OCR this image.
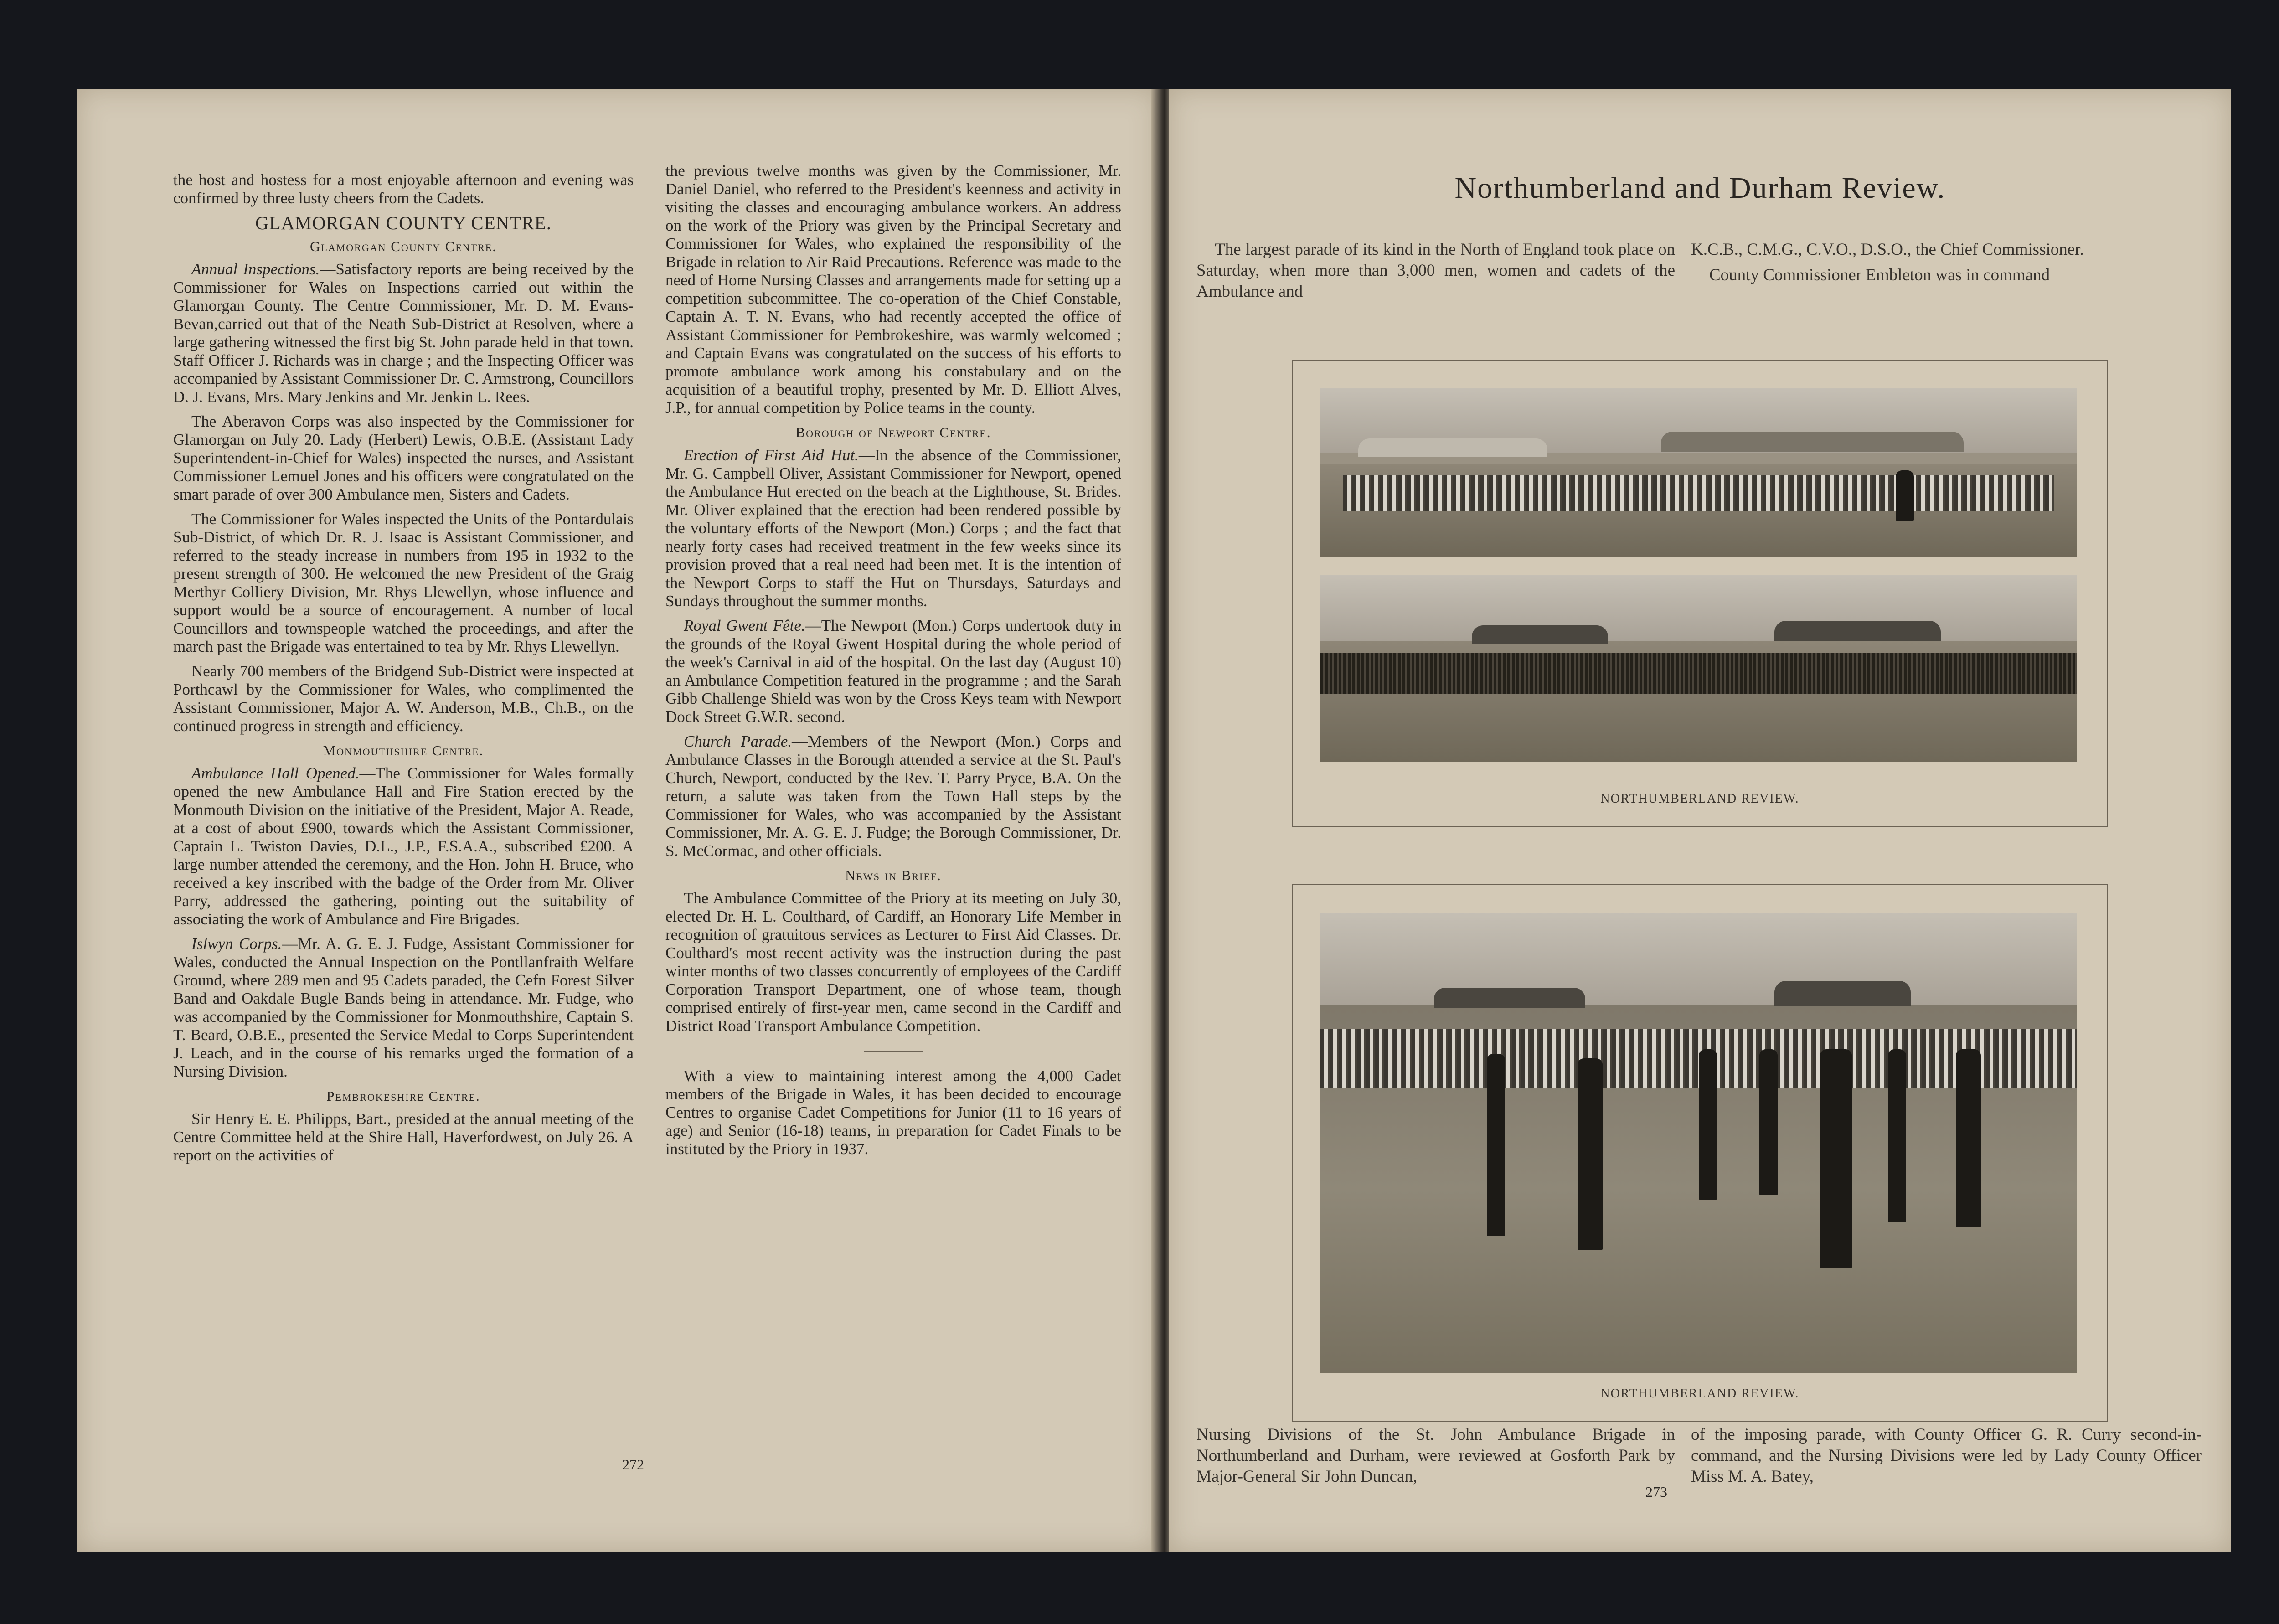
the host and hostess for a most enjoyable afternoon and evening was confirmed by three lusty cheers from the Cadets.

GLAMORGAN COUNTY CENTRE.
Glamorgan County Centre.

Annual Inspections.—Satisfactory reports are being received by the Commissioner for Wales on Inspections carried out within the Glamorgan County. The Centre Commissioner, Mr. D. M. Evans-Bevan,carried out that of the Neath Sub-District at Resolven, where a large gathering witnessed the first big St. John parade held in that town. Staff Officer J. Richards was in charge ; and the Inspecting Officer was accompanied by Assistant Commissioner Dr. C. Armstrong, Councillors D. J. Evans, Mrs. Mary Jenkins and Mr. Jenkin L. Rees.

The Aberavon Corps was also inspected by the Commissioner for Glamorgan on July 20. Lady (Herbert) Lewis, O.B.E. (Assistant Lady Superintendent-in-Chief for Wales) inspected the nurses, and Assistant Commissioner Lemuel Jones and his officers were congratulated on the smart parade of over 300 Ambulance men, Sisters and Cadets.

The Commissioner for Wales inspected the Units of the Pontardulais Sub-District, of which Dr. R. J. Isaac is Assistant Commissioner, and referred to the steady increase in numbers from 195 in 1932 to the present strength of 300. He welcomed the new President of the Graig Merthyr Colliery Division, Mr. Rhys Llewellyn, whose influence and support would be a source of encouragement. A number of local Councillors and townspeople watched the proceedings, and after the march past the Brigade was entertained to tea by Mr. Rhys Llewellyn.

Nearly 700 members of the Bridgend Sub-District were inspected at Porthcawl by the Commissioner for Wales, who complimented the Assistant Commissioner, Major A. W. Anderson, M.B., Ch.B., on the continued progress in strength and efficiency.

Monmouthshire Centre.

Ambulance Hall Opened.—The Commissioner for Wales formally opened the new Ambulance Hall and Fire Station erected by the Monmouth Division on the initiative of the President, Major A. Reade, at a cost of about £900, towards which the Assistant Commissioner, Captain L. Twiston Davies, D.L., J.P., F.S.A.A., subscribed £200. A large number attended the ceremony, and the Hon. John H. Bruce, who received a key inscribed with the badge of the Order from Mr. Oliver Parry, addressed the gathering, pointing out the suitability of associating the work of Ambulance and Fire Brigades.

Islwyn Corps.—Mr. A. G. E. J. Fudge, Assistant Commissioner for Wales, conducted the Annual Inspection on the Pontllanfraith Welfare Ground, where 289 men and 95 Cadets paraded, the Cefn Forest Silver Band and Oakdale Bugle Bands being in attendance. Mr. Fudge, who was accompanied by the Commissioner for Monmouthshire, Captain S. T. Beard, O.B.E., presented the Service Medal to Corps Superintendent J. Leach, and in the course of his remarks urged the formation of a Nursing Division.

Pembrokeshire Centre.

Sir Henry E. E. Philipps, Bart., presided at the annual meeting of the Centre Committee held at the Shire Hall, Haverfordwest, on July 26. A report on the activities of

the previous twelve months was given by the Commissioner, Mr. Daniel Daniel, who referred to the President's keenness and activity in visiting the classes and encouraging ambulance workers. An address on the work of the Priory was given by the Principal Secretary and Commissioner for Wales, who explained the responsibility of the Brigade in relation to Air Raid Precautions. Reference was made to the need of Home Nursing Classes and arrangements made for setting up a competition subcommittee. The co-operation of the Chief Constable, Captain A. T. N. Evans, who had recently accepted the office of Assistant Commissioner for Pembrokeshire, was warmly welcomed ; and Captain Evans was congratulated on the success of his efforts to promote ambulance work among his constabulary and on the acquisition of a beautiful trophy, presented by Mr. D. Elliott Alves, J.P., for annual competition by Police teams in the county.

Borough of Newport Centre.

Erection of First Aid Hut.—In the absence of the Commissioner, Mr. G. Campbell Oliver, Assistant Commissioner for Newport, opened the Ambulance Hut erected on the beach at the Lighthouse, St. Brides. Mr. Oliver explained that the erection had been rendered possible by the voluntary efforts of the Newport (Mon.) Corps ; and the fact that nearly forty cases had received treatment in the few weeks since its provision proved that a real need had been met. It is the intention of the Newport Corps to staff the Hut on Thursdays, Saturdays and Sundays throughout the summer months.

Royal Gwent Fête.—The Newport (Mon.) Corps undertook duty in the grounds of the Royal Gwent Hospital during the whole period of the week's Carnival in aid of the hospital. On the last day (August 10) an Ambulance Competition featured in the programme ; and the Sarah Gibb Challenge Shield was won by the Cross Keys team with Newport Dock Street G.W.R. second.

Church Parade.—Members of the Newport (Mon.) Corps and Ambulance Classes in the Borough attended a service at the St. Paul's Church, Newport, conducted by the Rev. T. Parry Pryce, B.A. On the return, a salute was taken from the Town Hall steps by the Commissioner for Wales, who was accompanied by the Assistant Commissioner, Mr. A. G. E. J. Fudge; the Borough Commissioner, Dr. S. McCormac, and other officials.

News in Brief.

The Ambulance Committee of the Priory at its meeting on July 30, elected Dr. H. L. Coulthard, of Cardiff, an Honorary Life Member in recognition of gratuitous services as Lecturer to First Aid Classes. Dr. Coulthard's most recent activity was the instruction during the past winter months of two classes concurrently of employees of the Cardiff Corporation Transport Department, one of whose team, though comprised entirely of first-year men, came second in the Cardiff and District Road Transport Ambulance Competition.

With a view to maintaining interest among the 4,000 Cadet members of the Brigade in Wales, it has been decided to encourage Centres to organise Cadet Competitions for Junior (11 to 16 years of age) and Senior (16-18) teams, in preparation for Cadet Finals to be instituted by the Priory in 1937.

272
Northumberland and Durham Review.

The largest parade of its kind in the North of England took place on Saturday, when more than 3,000 men, women and cadets of the Ambulance and

K.C.B., C.M.G., C.V.O., D.S.O., the Chief Commissioner.

County Commissioner Embleton was in command

NORTHUMBERLAND REVIEW.
NORTHUMBERLAND REVIEW.

Nursing Divisions of the St. John Ambulance Brigade in Northumberland and Durham, were reviewed at Gosforth Park by Major-General Sir John Duncan,

of the imposing parade, with County Officer G. R. Curry second-in-command, and the Nursing Divisions were led by Lady County Officer Miss M. A. Batey,

273
